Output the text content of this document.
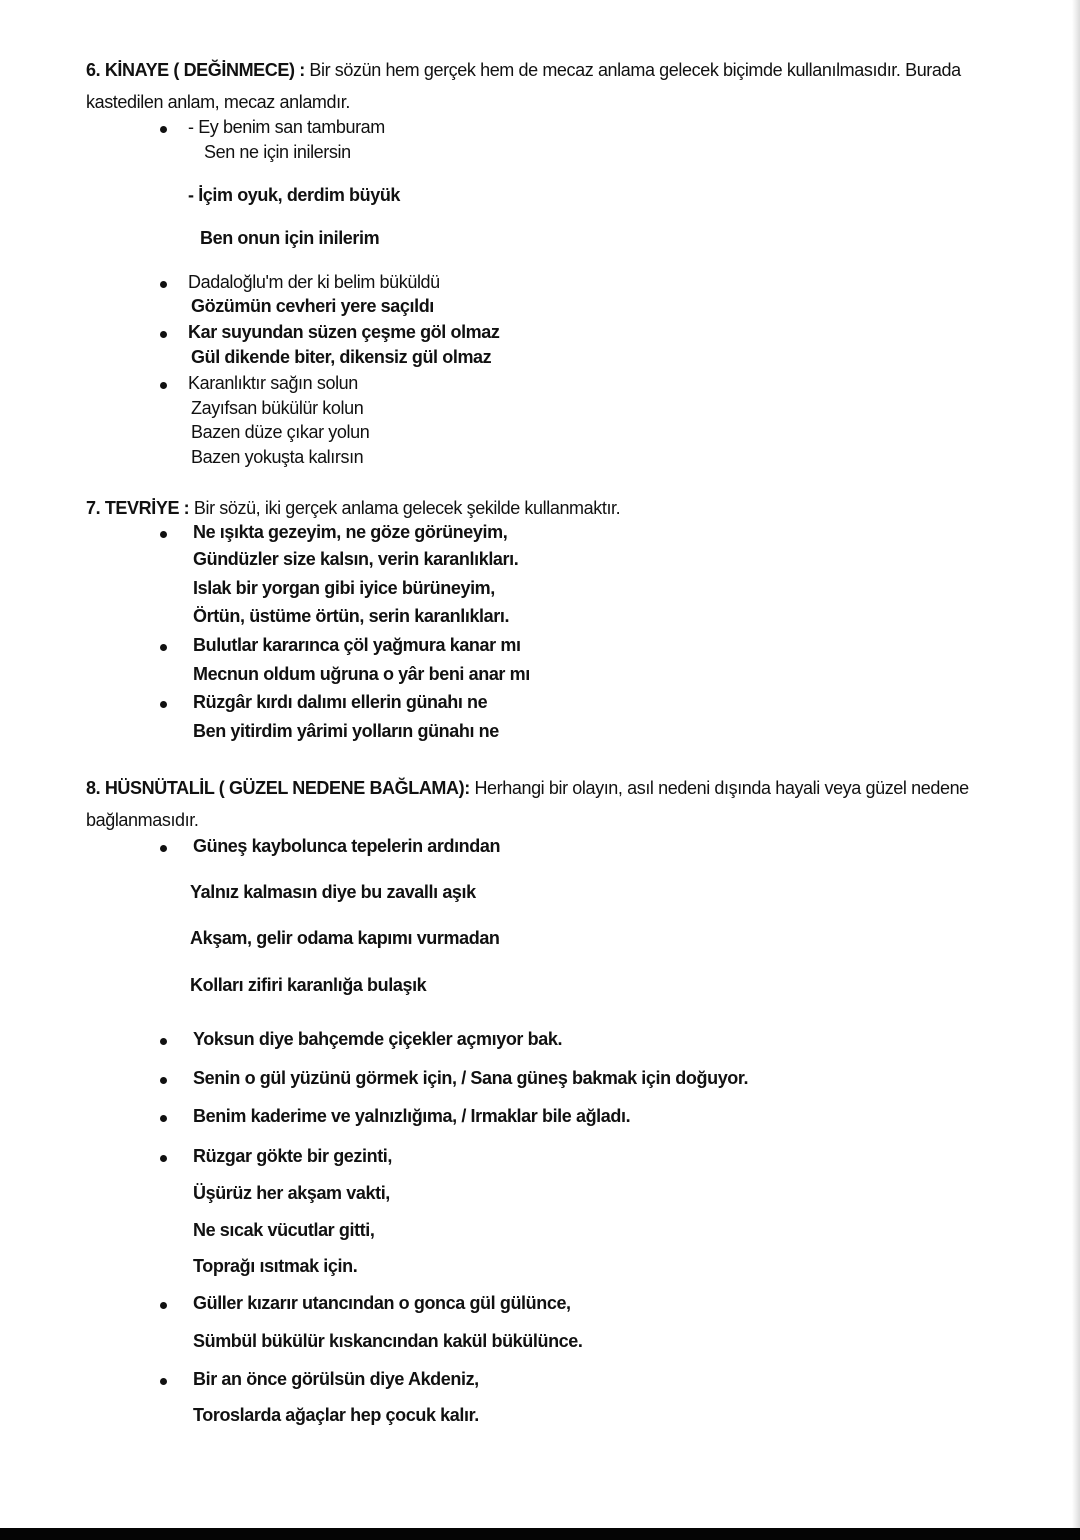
6. KİNAYE ( DEĞİNMECE) : Bir sözün hem gerçek hem de mecaz anlama gelecek biçimde kullanılmasıdır. Burada kastedilen anlam, mecaz anlamdır.
- Ey benim san tamburam
Sen ne için inilersin
- İçim oyuk, derdim büyük
Ben onun için inilerim
Dadaloğlu'm der ki belim büküldü
Gözümün cevheri yere saçıldı
Kar suyundan süzen çeşme göl olmaz
Gül dikende biter, dikensiz gül olmaz
Karanlıktır sağın solun
Zayıfsan bükülür kolun
Bazen düze çıkar yolun
Bazen yokuşta kalırsın
7. TEVRİYE : Bir sözü, iki gerçek anlama gelecek şekilde kullanmaktır.
Ne ışıkta gezeyim, ne göze görüneyim,
Gündüzler size kalsın, verin karanlıkları.
Islak bir yorgan gibi iyice bürüneyim,
Örtün, üstüme örtün, serin karanlıkları.
Bulutlar kararınca çöl yağmura kanar mı
Mecnun oldum uğruna o yâr beni anar mı
Rüzgâr kırdı dalımı ellerin günahı ne
Ben yitirdim yârimi yolların günahı ne
8. HÜSNÜTALİL ( GÜZEL NEDENE BAĞLAMA): Herhangi bir olayın, asıl nedeni dışında hayali veya güzel nedene bağlanmasıdır.
Güneş kaybolunca tepelerin ardından
Yalnız kalmasın diye bu zavallı aşık
Akşam, gelir odama kapımı vurmadan
Kolları zifiri karanlığa bulaşık
Yoksun diye bahçemde çiçekler açmıyor bak.
Senin o gül yüzünü görmek için, / Sana güneş bakmak için doğuyor.
Benim kaderime ve yalnızlığıma, / Irmaklar bile ağladı.
Rüzgar gökte bir gezinti,
Üşürüz her akşam vakti,
Ne sıcak vücutlar gitti,
Toprağı ısıtmak için.
Güller kızarır utancından o gonca gül gülünce,
Sümbül bükülür kıskancından kakül bükülünce.
Bir an önce görülsün diye Akdeniz,
Toroslarda ağaçlar hep çocuk kalır.
